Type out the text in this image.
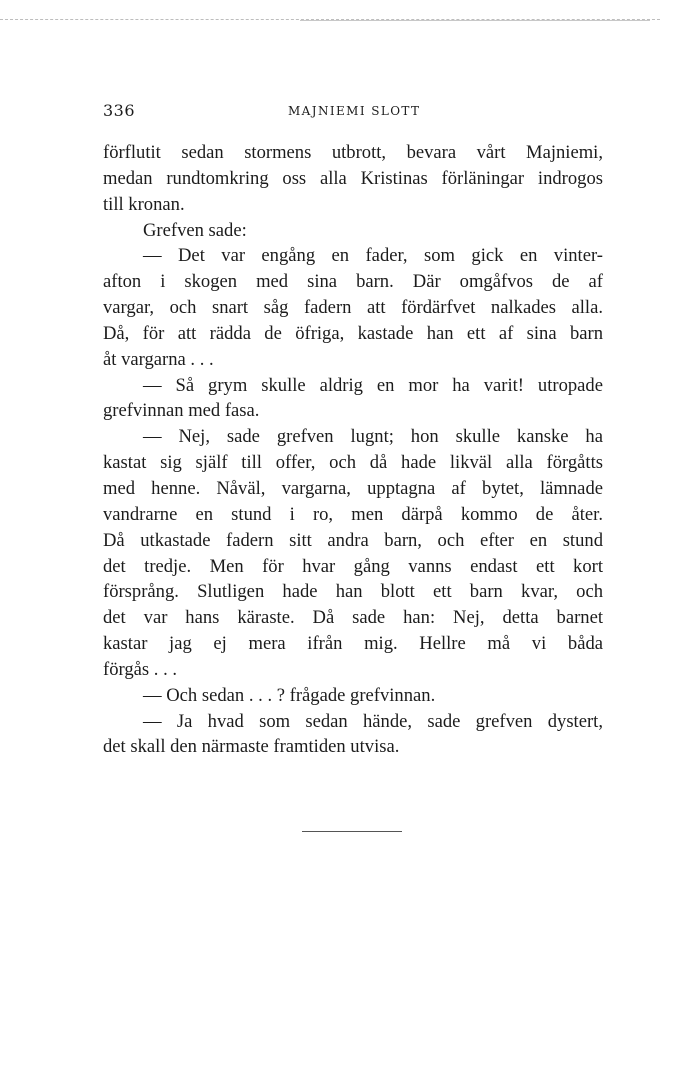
336	MAJNIEMI SLOTT

förflutit sedan stormens utbrott, bevara vårt Majniemi,

medan rundtomkring oss alla Kristinas förläningar indrogos

till kronan.

Grefven sade:

— Det var engång en fader, som gick en vinter-

afton i skogen med sina barn. Där omgåfvos de af

vargar, och snart såg fadern att fördärfvet nalkades alla.

Då, för att rädda de öfriga, kastade han ett af sina barn

åt vargarna . . .

— Så grym skulle aldrig en mor ha varit! utropade

grefvinnan med fasa.

— Nej, sade grefven lugnt; hon skulle kanske ha

kastat sig själf till offer, och då hade likväl alla förgåtts

med henne. Nåväl, vargarna, upptagna af bytet, lämnade

vandrarne en stund i ro, men därpå kommo de åter.

Då utkastade fadern sitt andra barn, och efter en stund

det tredje. Men för hvar gång vanns endast ett kort

försprång. Slutligen hade han blott ett barn kvar, och

det var hans käraste. Då sade han: Nej, detta barnet

kastar jag ej mera ifrån mig. Hellre må vi båda

förgås . . .

— Och sedan . . . ? frågade grefvinnan.

— Ja hvad som sedan hände, sade grefven dystert,

det skall den närmaste framtiden utvisa.
